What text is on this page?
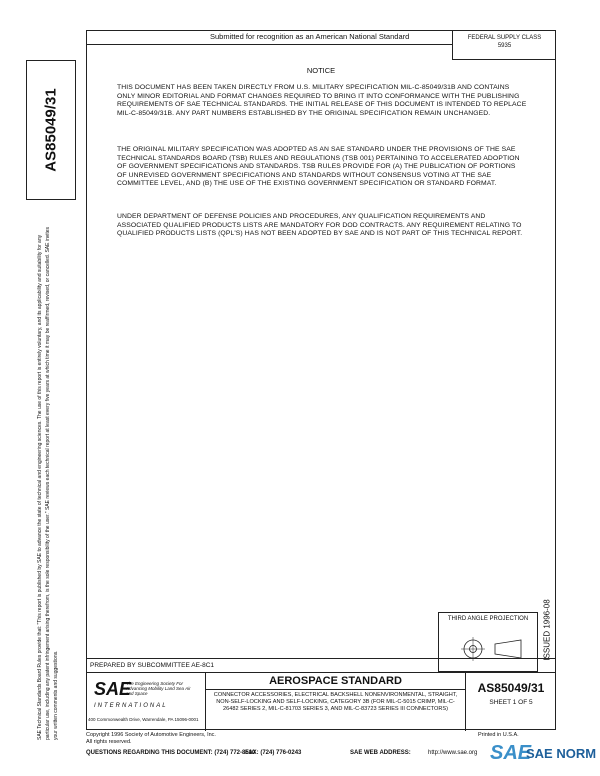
Submitted for recognition as an American National Standard	FEDERAL SUPPLY CLASS
5935
AS85049/31
SAE Technical Standards Board Rules provide that: "This report is published by SAE to advance the state of technical and engineering sciences. The use of this report is entirely voluntary, and its applicability and suitability for any particular use, including any patent infringement arising therefrom, is the sole responsibility of the user." SAE reviews each technical report at least every five years at which time it may be reaffirmed, revised, or cancelled. SAE invites your written comments and suggestions.
NOTICE
THIS DOCUMENT HAS BEEN TAKEN DIRECTLY FROM U.S. MILITARY SPECIFICATION MIL-C-85049/31B AND CONTAINS ONLY MINOR EDITORIAL AND FORMAT CHANGES REQUIRED TO BRING IT INTO CONFORMANCE WITH THE PUBLISHING REQUIREMENTS OF SAE TECHNICAL STANDARDS. THE INITIAL RELEASE OF THIS DOCUMENT IS INTENDED TO REPLACE MIL-C-85049/31B. ANY PART NUMBERS ESTABLISHED BY THE ORIGINAL SPECIFICATION REMAIN UNCHANGED.
THE ORIGINAL MILITARY SPECIFICATION WAS ADOPTED AS AN SAE STANDARD UNDER THE PROVISIONS OF THE SAE TECHNICAL STANDARDS BOARD (TSB) RULES AND REGULATIONS (TSB 001) PERTAINING TO ACCELERATED ADOPTION OF GOVERNMENT SPECIFICATIONS AND STANDARDS. TSB RULES PROVIDE FOR (A) THE PUBLICATION OF PORTIONS OF UNREVISED GOVERNMENT SPECIFICATIONS AND STANDARDS WITHOUT CONSENSUS VOTING AT THE SAE COMMITTEE LEVEL, AND (B) THE USE OF THE EXISTING GOVERNMENT SPECIFICATION OR STANDARD FORMAT.
UNDER DEPARTMENT OF DEFENSE POLICIES AND PROCEDURES, ANY QUALIFICATION REQUIREMENTS AND ASSOCIATED QUALIFIED PRODUCTS LISTS ARE MANDATORY FOR DOD CONTRACTS. ANY REQUIREMENT RELATING TO QUALIFIED PRODUCTS LISTS (QPL'S) HAS NOT BEEN ADOPTED BY SAE AND IS NOT PART OF THIS TECHNICAL REPORT.
ISSUED 1996-08
THIRD ANGLE PROJECTION
PREPARED BY SUBCOMMITTEE AE-8C1
SAE
The Engineering Society For Advancing Mobility Land Sea Air and Space
INTERNATIONAL
400 Commonwealth Drive, Warrendale, PA 15096-0001
AEROSPACE STANDARD
CONNECTOR ACCESSORIES, ELECTRICAL BACKSHELL NONENVIRONMENTAL, STRAIGHT, NON-SELF-LOCKING AND SELF-LOCKING, CATEGORY 3B (FOR MIL-C-5015 CRIMP, MIL-C-26482 SERIES 2, MIL-C-81703 SERIES 3, AND MIL-C-83723 SERIES III CONNECTORS)
AS85049/31
SHEET 1 OF 5
Copyright 1996 Society of Automotive Engineers, Inc.
All rights reserved.
Printed in U.S.A.
QUESTIONS REGARDING THIS DOCUMENT: (724) 772-8510
FAX: (724) 776-0243	SAE WEB ADDRESS:	http://www.sae.org SAE
SAE NORM
